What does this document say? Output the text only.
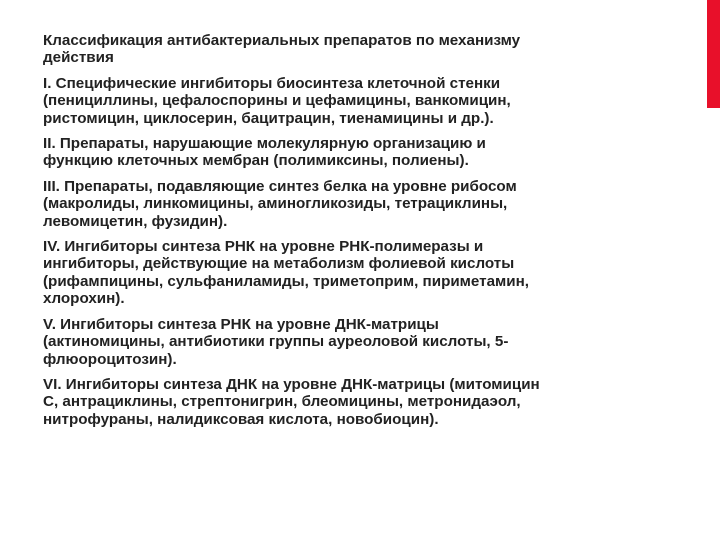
Классификация антибактериальных препаратов по механизму
действия

I. Специфические ингибиторы биосинтеза клеточной стенки
(пенициллины, цефалоспорины и цефамицины, ванкомицин,
ристомицин, циклосерин, бацитрацин, тиенамицины и др.).

II. Препараты, нарушающие молекулярную организацию и
функцию клеточных мембран (полимиксины, полиены).

III. Препараты, подавляющие синтез белка на уровне рибосом
(макролиды, линкомицины, аминогликозиды, тетрациклины,
левомицетин, фузидин).

IV. Ингибиторы синтеза РНК на уровне РНК-полимеразы и
ингибиторы, действующие на метаболизм фолиевой кислоты
(рифампицины, сульфаниламиды, триметоприм, пириметамин,
хлорохин).

V. Ингибиторы синтеза РНК на уровне ДНК-матрицы
(актиномицины, антибиотики группы ауреоловой кислоты, 5-
флюороцитозин).

VI. Ингибиторы синтеза ДНК на уровне ДНК-матрицы (митомицин
С, антрациклины, стрептонигрин, блеомицины, метронидаэол,
нитрофураны, налидиксовая кислота, новобиоцин).
